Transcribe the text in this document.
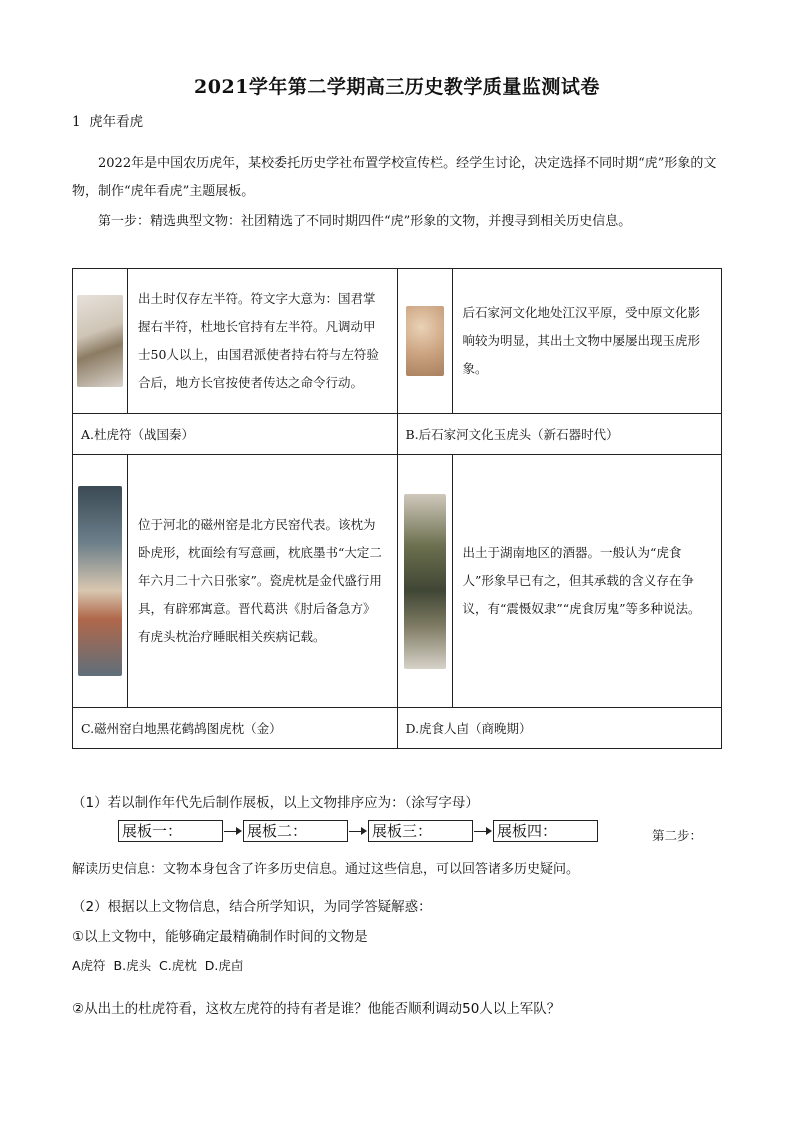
2021学年第二学期高三历史教学质量监测试卷
1 虎年看虎
2022年是中国农历虎年，某校委托历史学社布置学校宣传栏。经学生讨论，决定选择不同时期“虎”形象的文物，制作“虎年看虎”主题展板。
第一步：精选典型文物：社团精选了不同时期四件“虎”形象的文物，并搜寻到相关历史信息。
	出土时仅存左半符。符文字大意为：国君掌握右半符，杜地长官持有左半符。凡调动甲士50人以上，由国君派使者持右符与左符验合后，地方长官按使者传达之命令行动。		后石家河文化地处江汉平原，受中原文化影响较为明显，其出土文物中屡屡出现玉虎形象。
A.杜虎符（战国秦）		B.后石家河文化玉虎头（新石器时代）	

	位于河北的磁州窑是北方民窑代表。该枕为卧虎形，枕面绘有写意画，枕底墨书“大定二年六月二十六日张家”。瓷虎枕是金代盛行用具，有辟邪寓意。晋代葛洪《肘后备急方》有虎头枕治疗睡眠相关疾病记载。		出土于湖南地区的酒器。一般认为“虎食人”形象早已有之，但其承载的含义存在争议，有“震慑奴隶”“虎食厉鬼”等多种说法。
C.磁州窑白地黑花鹤鸪图虎枕（金）		D.虎食人卣（商晚期）	
（1）若以制作年代先后制作展板，以上文物排序应为：（涂写字母）
展板一：	展板二：	展板三：	展板四：	第二步：
解读历史信息：文物本身包含了许多历史信息。通过这些信息，可以回答诸多历史疑问。
（2）根据以上文物信息，结合所学知识，为同学答疑解惑：
①以上文物中，能够确定最精确制作时间的文物是
A虎符 B.虎头 C.虎枕 D.虎卣
②从出土的杜虎符看，这枚左虎符的持有者是谁？他能否顺利调动50人以上军队？
